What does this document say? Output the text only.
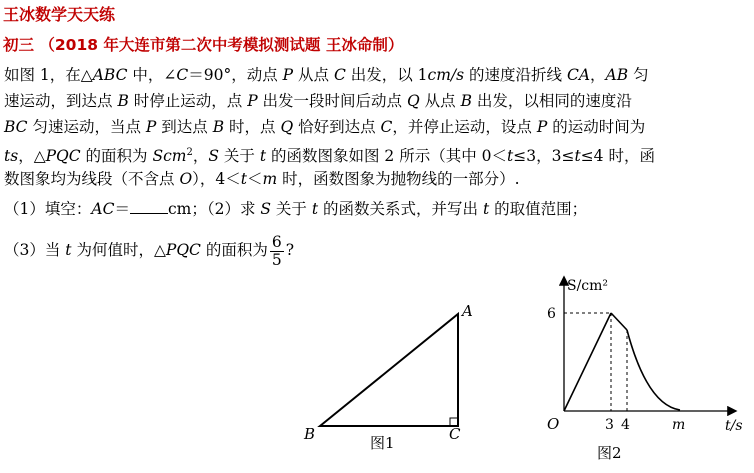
王冰数学天天练
初三 （2018 年大连市第二次中考模拟测试题 王冰命制）
如图 1，在△ABC 中，∠C＝90°，动点 P 从点 C 出发，以 1cm/s 的速度沿折线 CA，AB 匀
速运动，到达点 B 时停止运动，点 P 出发一段时间后动点 Q 从点 B 出发，以相同的速度沿
BC 匀速运动，当点 P 到达点 B 时，点 Q 恰好到达点 C，并停止运动，设点 P 的运动时间为
ts，△PQC 的面积为 Scm$^2$，S 关于 t 的函数图象如图 2 所示（其中 0＜t≤3，3≤t≤4 时，函
数图象均为线段（不含点 O），4＜t＜m 时，函数图象为抛物线的一部分）.
（1）填空：AC＝ cm；（2）求 S 关于 t 的函数关系式，并写出 t 的取值范围；
（3）当 t 为何值时，△PQC 的面积为 $\frac{6}{5}$ ?
A
B	C
图1
S/cm²
t/s
O
6
3 4	m
图2
